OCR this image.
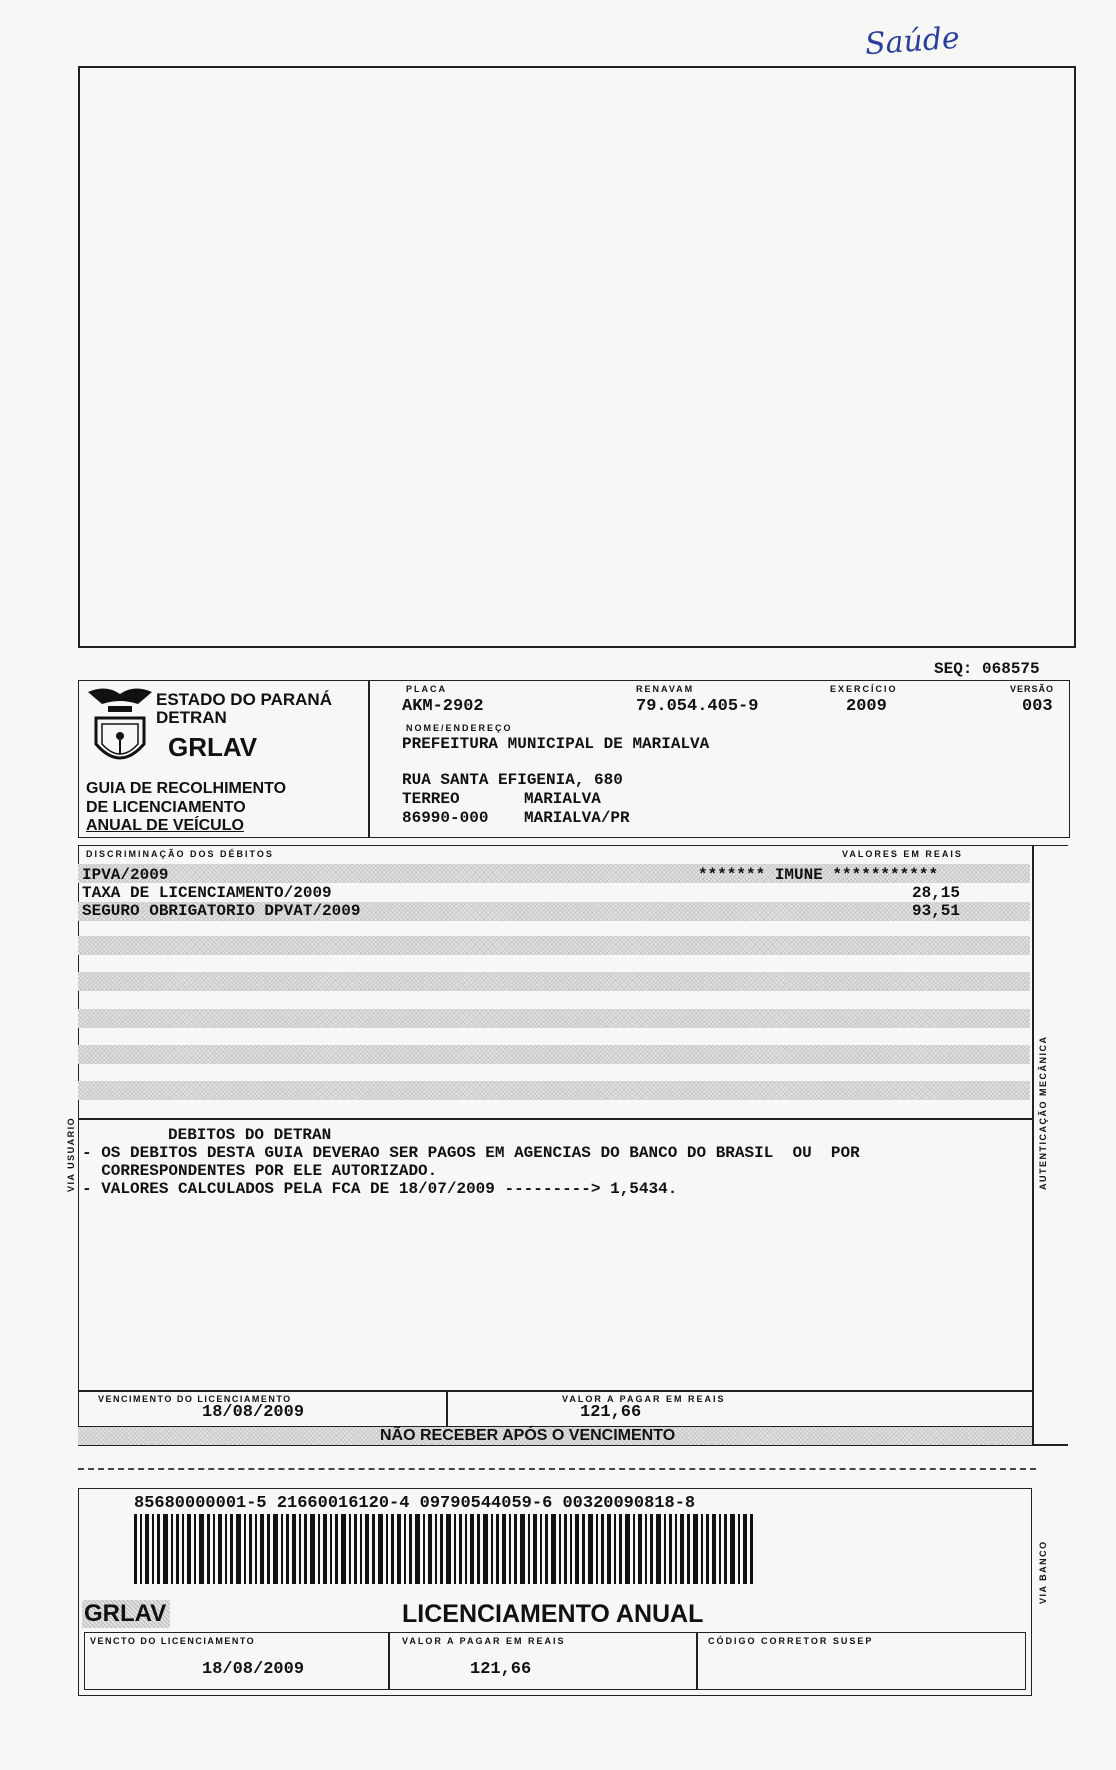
Saúde
SEQ: 068575
ESTADO DO PARANÁ
DETRAN
GRLAV
GUIA DE RECOLHIMENTO
DE LICENCIAMENTO
ANUAL DE VEÍCULO
PLACA
AKM-2902
RENAVAM
79.054.405-9
EXERCÍCIO
2009
VERSÃO
003
NOME/ENDEREÇO
PREFEITURA MUNICIPAL DE MARIALVA
RUA SANTA EFIGENIA, 680
TERREO	MARIALVA
86990-000 MARIALVA/PR
DISCRIMINAÇÃO DOS DÉBITOS	VALORES EM REAIS
IPVA/2009	******* IMUNE ***********
TAXA DE LICENCIAMENTO/2009	28,15
SEGURO OBRIGATORIO DPVAT/2009	93,51
DEBITOS DO DETRAN
- OS DEBITOS DESTA GUIA DEVERAO SER PAGOS EM AGENCIAS DO BANCO DO BRASIL  OU  POR
CORRESPONDENTES POR ELE AUTORIZADO.
- VALORES CALCULADOS PELA FCA DE 18/07/2009 ---------> 1,5434.
VIA USUARIO	AUTENTICAÇÃO MECÂNICA
VENCIMENTO DO LICENCIAMENTO
18/08/2009
VALOR A PAGAR EM REAIS
121,66
NÃO RECEBER APÓS O VENCIMENTO
85680000001-5 21660016120-4 09790544059-6 00320090818-8
GRLAV	LICENCIAMENTO ANUAL
VIA BANCO
VENCTO DO LICENCIAMENTO
18/08/2009
VALOR A PAGAR EM REAIS
121,66
CÓDIGO CORRETOR SUSEP
